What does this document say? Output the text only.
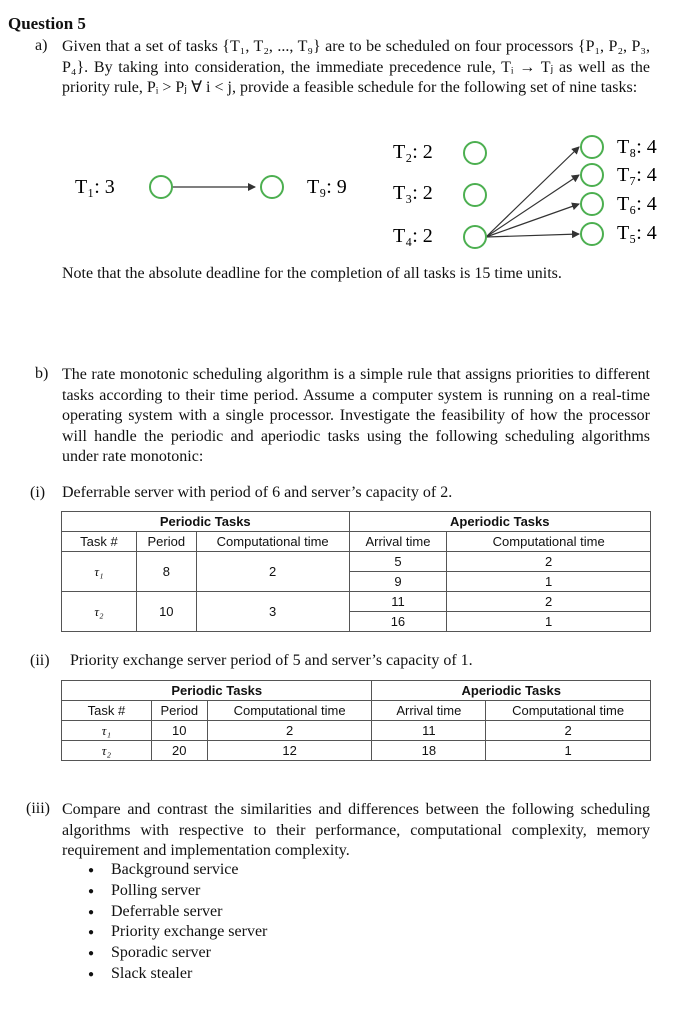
Question 5
a) Given that a set of tasks {T₁, T₂, ..., T₉} are to be scheduled on four processors {P₁, P₂, P₃, P₄}. By taking into consideration, the immediate precedence rule, Tᵢ → Tⱼ as well as the priority rule, Pᵢ > Pⱼ ∀ i < j, provide a feasible schedule for the following set of nine tasks:
T₁: 3	T₉: 9
T₂: 2
T₃: 2
T₄: 2
T₈: 4
T₇: 4
T₆: 4
T₅: 4
Note that the absolute deadline for the completion of all tasks is 15 time units.
b) The rate monotonic scheduling algorithm is a simple rule that assigns priorities to different tasks according to their time period. Assume a computer system is running on a real-time operating system with a single processor. Investigate the feasibility of how the processor will handle the periodic and aperiodic tasks using the following scheduling algorithms under rate monotonic:
(i) Deferrable server with period of 6 and server’s capacity of 2.
Periodic Tasks			Aperiodic Tasks	
Task #	Period	Computational time	Arrival time	Computational time
τ₁	8	2	5	2
			9	1
τ₂	10	3	11	2
			16	1
(ii) Priority exchange server period of 5 and server’s capacity of 1.
Periodic Tasks			Aperiodic Tasks	
Task #	Period	Computational time	Arrival time	Computational time
τ₁	10	2	11	2
τ₂	20	12	18	1
(iii) Compare and contrast the similarities and differences between the following scheduling algorithms with respective to their performance, computational complexity, memory requirement and implementation complexity.
● Background service
● Polling server
● Deferrable server
● Priority exchange server
● Sporadic server
● Slack stealer
